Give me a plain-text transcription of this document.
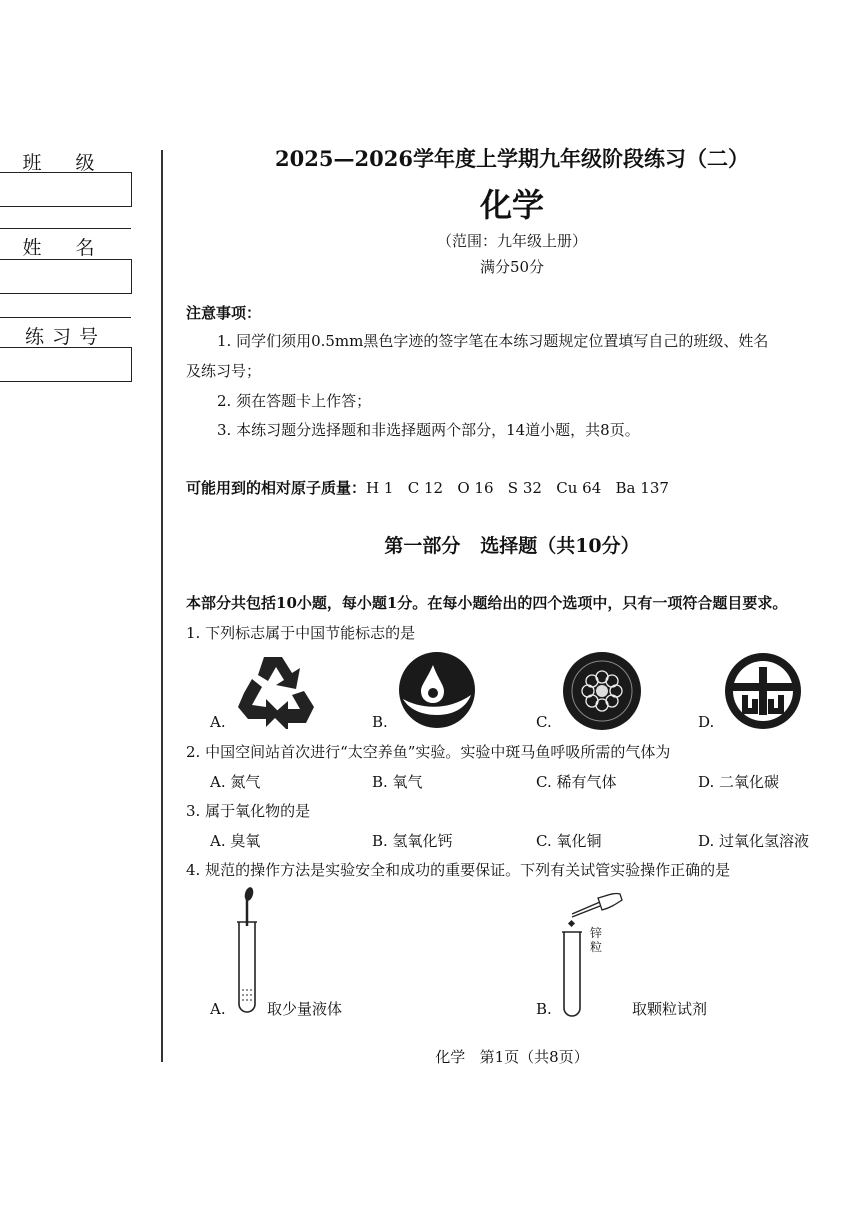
班 级
姓 名
练习号
2025—2026学年度上学期九年级阶段练习（二）
化学
（范围：九年级上册）
满分50分
注意事项：
1. 同学们须用0.5mm黑色字迹的签字笔在本练习题规定位置填写自己的班级、姓名
及练习号；
2. 须在答题卡上作答；
3. 本练习题分选择题和非选择题两个部分，14道小题，共8页。
可能用到的相对原子质量：H 1   C 12   O 16   S 32   Cu 64   Ba 137
第一部分   选择题（共10分）
本部分共包括10小题，每小题1分。在每小题给出的四个选项中，只有一项符合题目要求。
1. 下列标志属于中国节能标志的是
A.	B.	C.	D.
2. 中国空间站首次进行“太空养鱼”实验。实验中斑马鱼呼吸所需的气体为
A. 氮气	B. 氧气	C. 稀有气体	D. 二氧化碳
3. 属于氧化物的是
A. 臭氧	B. 氢氧化钙	C. 氧化铜	D. 过氧化氢溶液
4. 规范的操作方法是实验安全和成功的重要保证。下列有关试管实验操作正确的是
A.	取少量液体	B.
锌粒
取颗粒试剂
化学   第1页（共8页）
